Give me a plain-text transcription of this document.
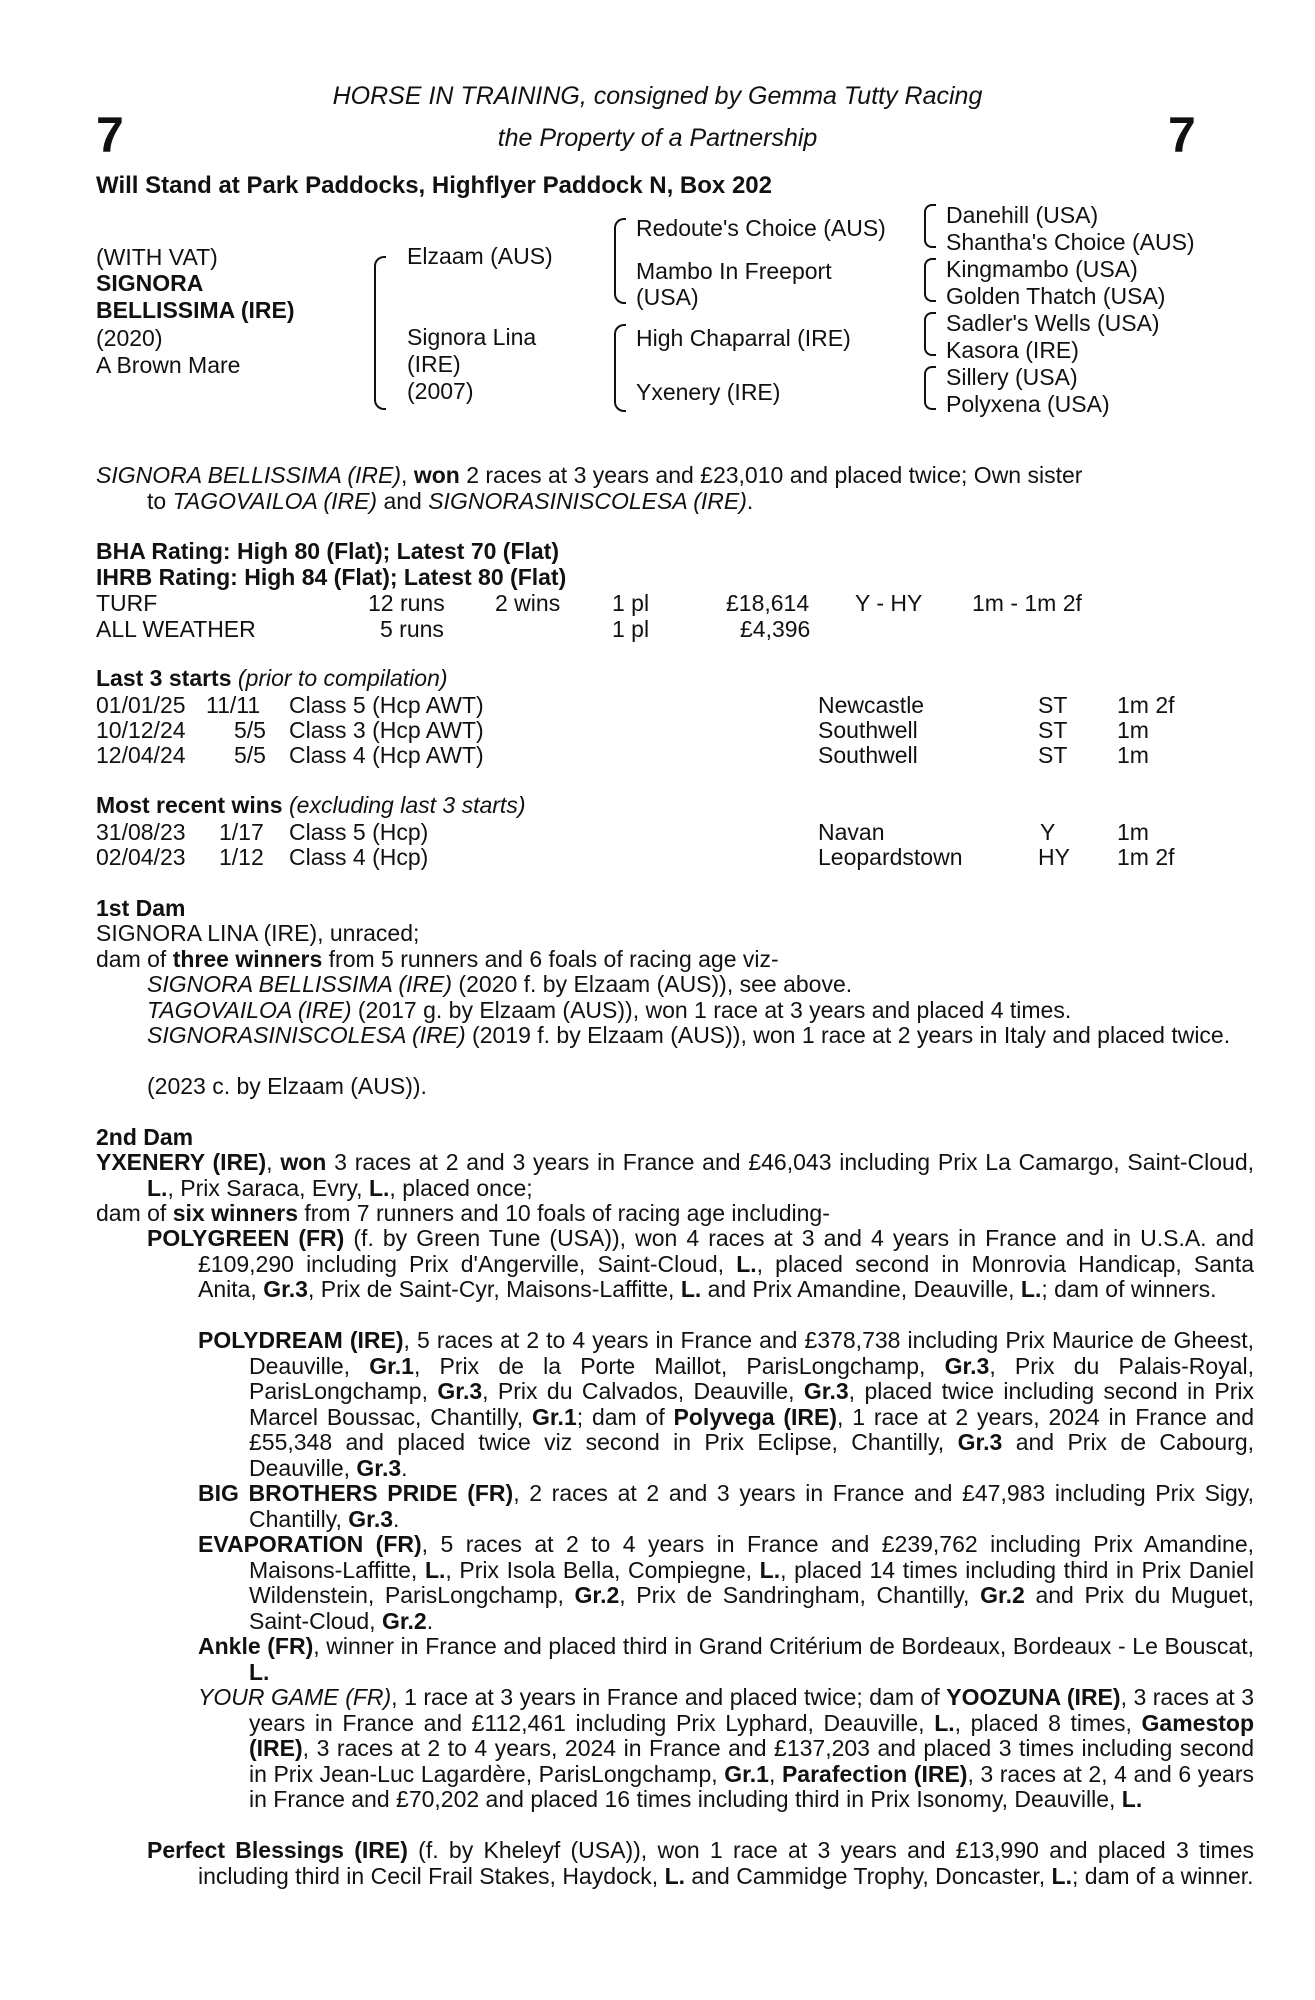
7	7
HORSE IN TRAINING, consigned by Gemma Tutty Racing
the Property of a Partnership
Will Stand at Park Paddocks, Highflyer Paddock N, Box 202
(WITH VAT)
SIGNORA
BELLISSIMA (IRE)
(2020)
A Brown Mare
Elzaam (AUS)
Signora Lina
(IRE)
(2007)
Redoute's Choice (AUS)
Mambo In Freeport
(USA)
High Chaparral (IRE)
Yxenery (IRE)
Danehill (USA)
Shantha's Choice (AUS)
Kingmambo (USA)
Golden Thatch (USA)
Sadler's Wells (USA)
Kasora (IRE)
Sillery (USA)
Polyxena (USA)
SIGNORA BELLISSIMA (IRE), won 2 races at 3 years and £23,010 and placed twice; Own sister
to TAGOVAILOA (IRE) and SIGNORASINISCOLESA (IRE).
BHA Rating: High 80 (Flat); Latest 70 (Flat)
IHRB Rating: High 84 (Flat); Latest 80 (Flat)
TURF	12 runs 2 wins 1 pl	£18,614 Y - HY 1m - 1m 2f
ALL WEATHER	5 runs	1 pl	£4,396
Last 3 starts (prior to compilation)
01/01/25 11/11 Class 5 (Hcp AWT)	Newcastle	ST 1m 2f
10/12/24 5/5 Class 3 (Hcp AWT)	Southwell	ST 1m
12/04/24 5/5 Class 4 (Hcp AWT)	Southwell	ST 1m
Most recent wins (excluding last 3 starts)
31/08/23 1/17 Class 5 (Hcp)	Navan	Y	1m
02/04/23 1/12 Class 4 (Hcp)	Leopardstown	HY 1m 2f
1st Dam
SIGNORA LINA (IRE), unraced;
dam of three winners from 5 runners and 6 foals of racing age viz-
SIGNORA BELLISSIMA (IRE) (2020 f. by Elzaam (AUS)), see above.
TAGOVAILOA (IRE) (2017 g. by Elzaam (AUS)), won 1 race at 3 years and placed 4 times.
SIGNORASINISCOLESA (IRE) (2019 f. by Elzaam (AUS)), won 1 race at 2 years in Italy and placed twice.
(2023 c. by Elzaam (AUS)).
2nd Dam
YXENERY (IRE), won 3 races at 2 and 3 years in France and £46,043 including Prix La Camargo, Saint-Cloud, L., Prix Saraca, Evry, L., placed once;
dam of six winners from 7 runners and 10 foals of racing age including-
POLYGREEN (FR) (f. by Green Tune (USA)), won 4 races at 3 and 4 years in France and in U.S.A. and £109,290 including Prix d'Angerville, Saint-Cloud, L., placed second in Monrovia Handicap, Santa Anita, Gr.3, Prix de Saint-Cyr, Maisons-Laffitte, L. and Prix Amandine, Deauville, L.; dam of winners.
POLYDREAM (IRE), 5 races at 2 to 4 years in France and £378,738 including Prix Maurice de Gheest, Deauville, Gr.1, Prix de la Porte Maillot, ParisLongchamp, Gr.3, Prix du Palais-Royal, ParisLongchamp, Gr.3, Prix du Calvados, Deauville, Gr.3, placed twice including second in Prix Marcel Boussac, Chantilly, Gr.1; dam of Polyvega (IRE), 1 race at 2 years, 2024 in France and £55,348 and placed twice viz second in Prix Eclipse, Chantilly, Gr.3 and Prix de Cabourg, Deauville, Gr.3.
BIG BROTHERS PRIDE (FR), 2 races at 2 and 3 years in France and £47,983 including Prix Sigy, Chantilly, Gr.3.
EVAPORATION (FR), 5 races at 2 to 4 years in France and £239,762 including Prix Amandine, Maisons-Laffitte, L., Prix Isola Bella, Compiegne, L., placed 14 times including third in Prix Daniel Wildenstein, ParisLongchamp, Gr.2, Prix de Sandringham, Chantilly, Gr.2 and Prix du Muguet, Saint-Cloud, Gr.2.
Ankle (FR), winner in France and placed third in Grand Critérium de Bordeaux, Bordeaux - Le Bouscat, L.
YOUR GAME (FR), 1 race at 3 years in France and placed twice; dam of YOOZUNA (IRE), 3 races at 3 years in France and £112,461 including Prix Lyphard, Deauville, L., placed 8 times, Gamestop (IRE), 3 races at 2 to 4 years, 2024 in France and £137,203 and placed 3 times including second in Prix Jean-Luc Lagardère, ParisLongchamp, Gr.1, Parafection (IRE), 3 races at 2, 4 and 6 years in France and £70,202 and placed 16 times including third in Prix Isonomy, Deauville, L.
Perfect Blessings (IRE) (f. by Kheleyf (USA)), won 1 race at 3 years and £13,990 and placed 3 times including third in Cecil Frail Stakes, Haydock, L. and Cammidge Trophy, Doncaster, L.; dam of a winner.
